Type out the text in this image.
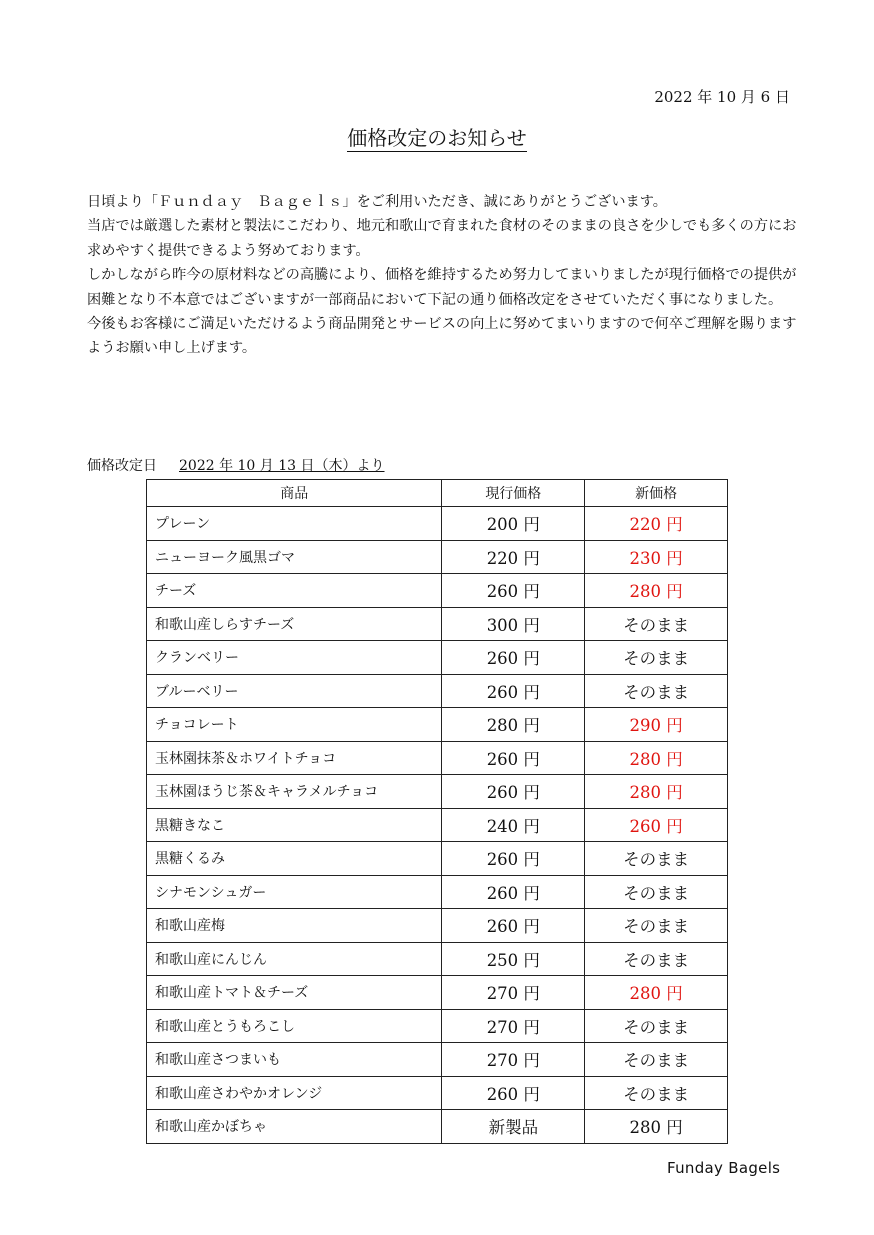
2022 年 10 月 6 日
価格改定のお知らせ

日頃より「Ｆｕｎｄａｙ　Ｂａｇｅｌｓ」をご利用いただき、誠にありがとうございます。

当店では厳選した素材と製法にこだわり、地元和歌山で育まれた食材のそのままの良さを少しでも多くの方にお求めやすく提供できるよう努めております。

しかしながら昨今の原材料などの高騰により、価格を維持するため努力してまいりましたが現行価格での提供が困難となり不本意ではございますが一部商品において下記の通り価格改定をさせていただく事になりました。

今後もお客様にご満足いただけるよう商品開発とサービスの向上に努めてまいりますので何卒ご理解を賜りますようお願い申し上げます。

価格改定日 2022 年 10 月 13 日（木）より
商品	現行価格	新価格
プレーン	200 円	220 円
ニューヨーク風黒ゴマ	220 円	230 円
チーズ	260 円	280 円
和歌山産しらすチーズ	300 円	そのまま
クランベリー	260 円	そのまま
ブルーベリー	260 円	そのまま
チョコレート	280 円	290 円
玉林園抹茶＆ホワイトチョコ	260 円	280 円
玉林園ほうじ茶＆キャラメルチョコ	260 円	280 円
黒糖きなこ	240 円	260 円
黒糖くるみ	260 円	そのまま
シナモンシュガー	260 円	そのまま
和歌山産梅	260 円	そのまま
和歌山産にんじん	250 円	そのまま
和歌山産トマト＆チーズ	270 円	280 円
和歌山産とうもろこし	270 円	そのまま
和歌山産さつまいも	270 円	そのまま
和歌山産さわやかオレンジ	260 円	そのまま
和歌山産かぼちゃ	新製品	280 円
Funday Bagels
